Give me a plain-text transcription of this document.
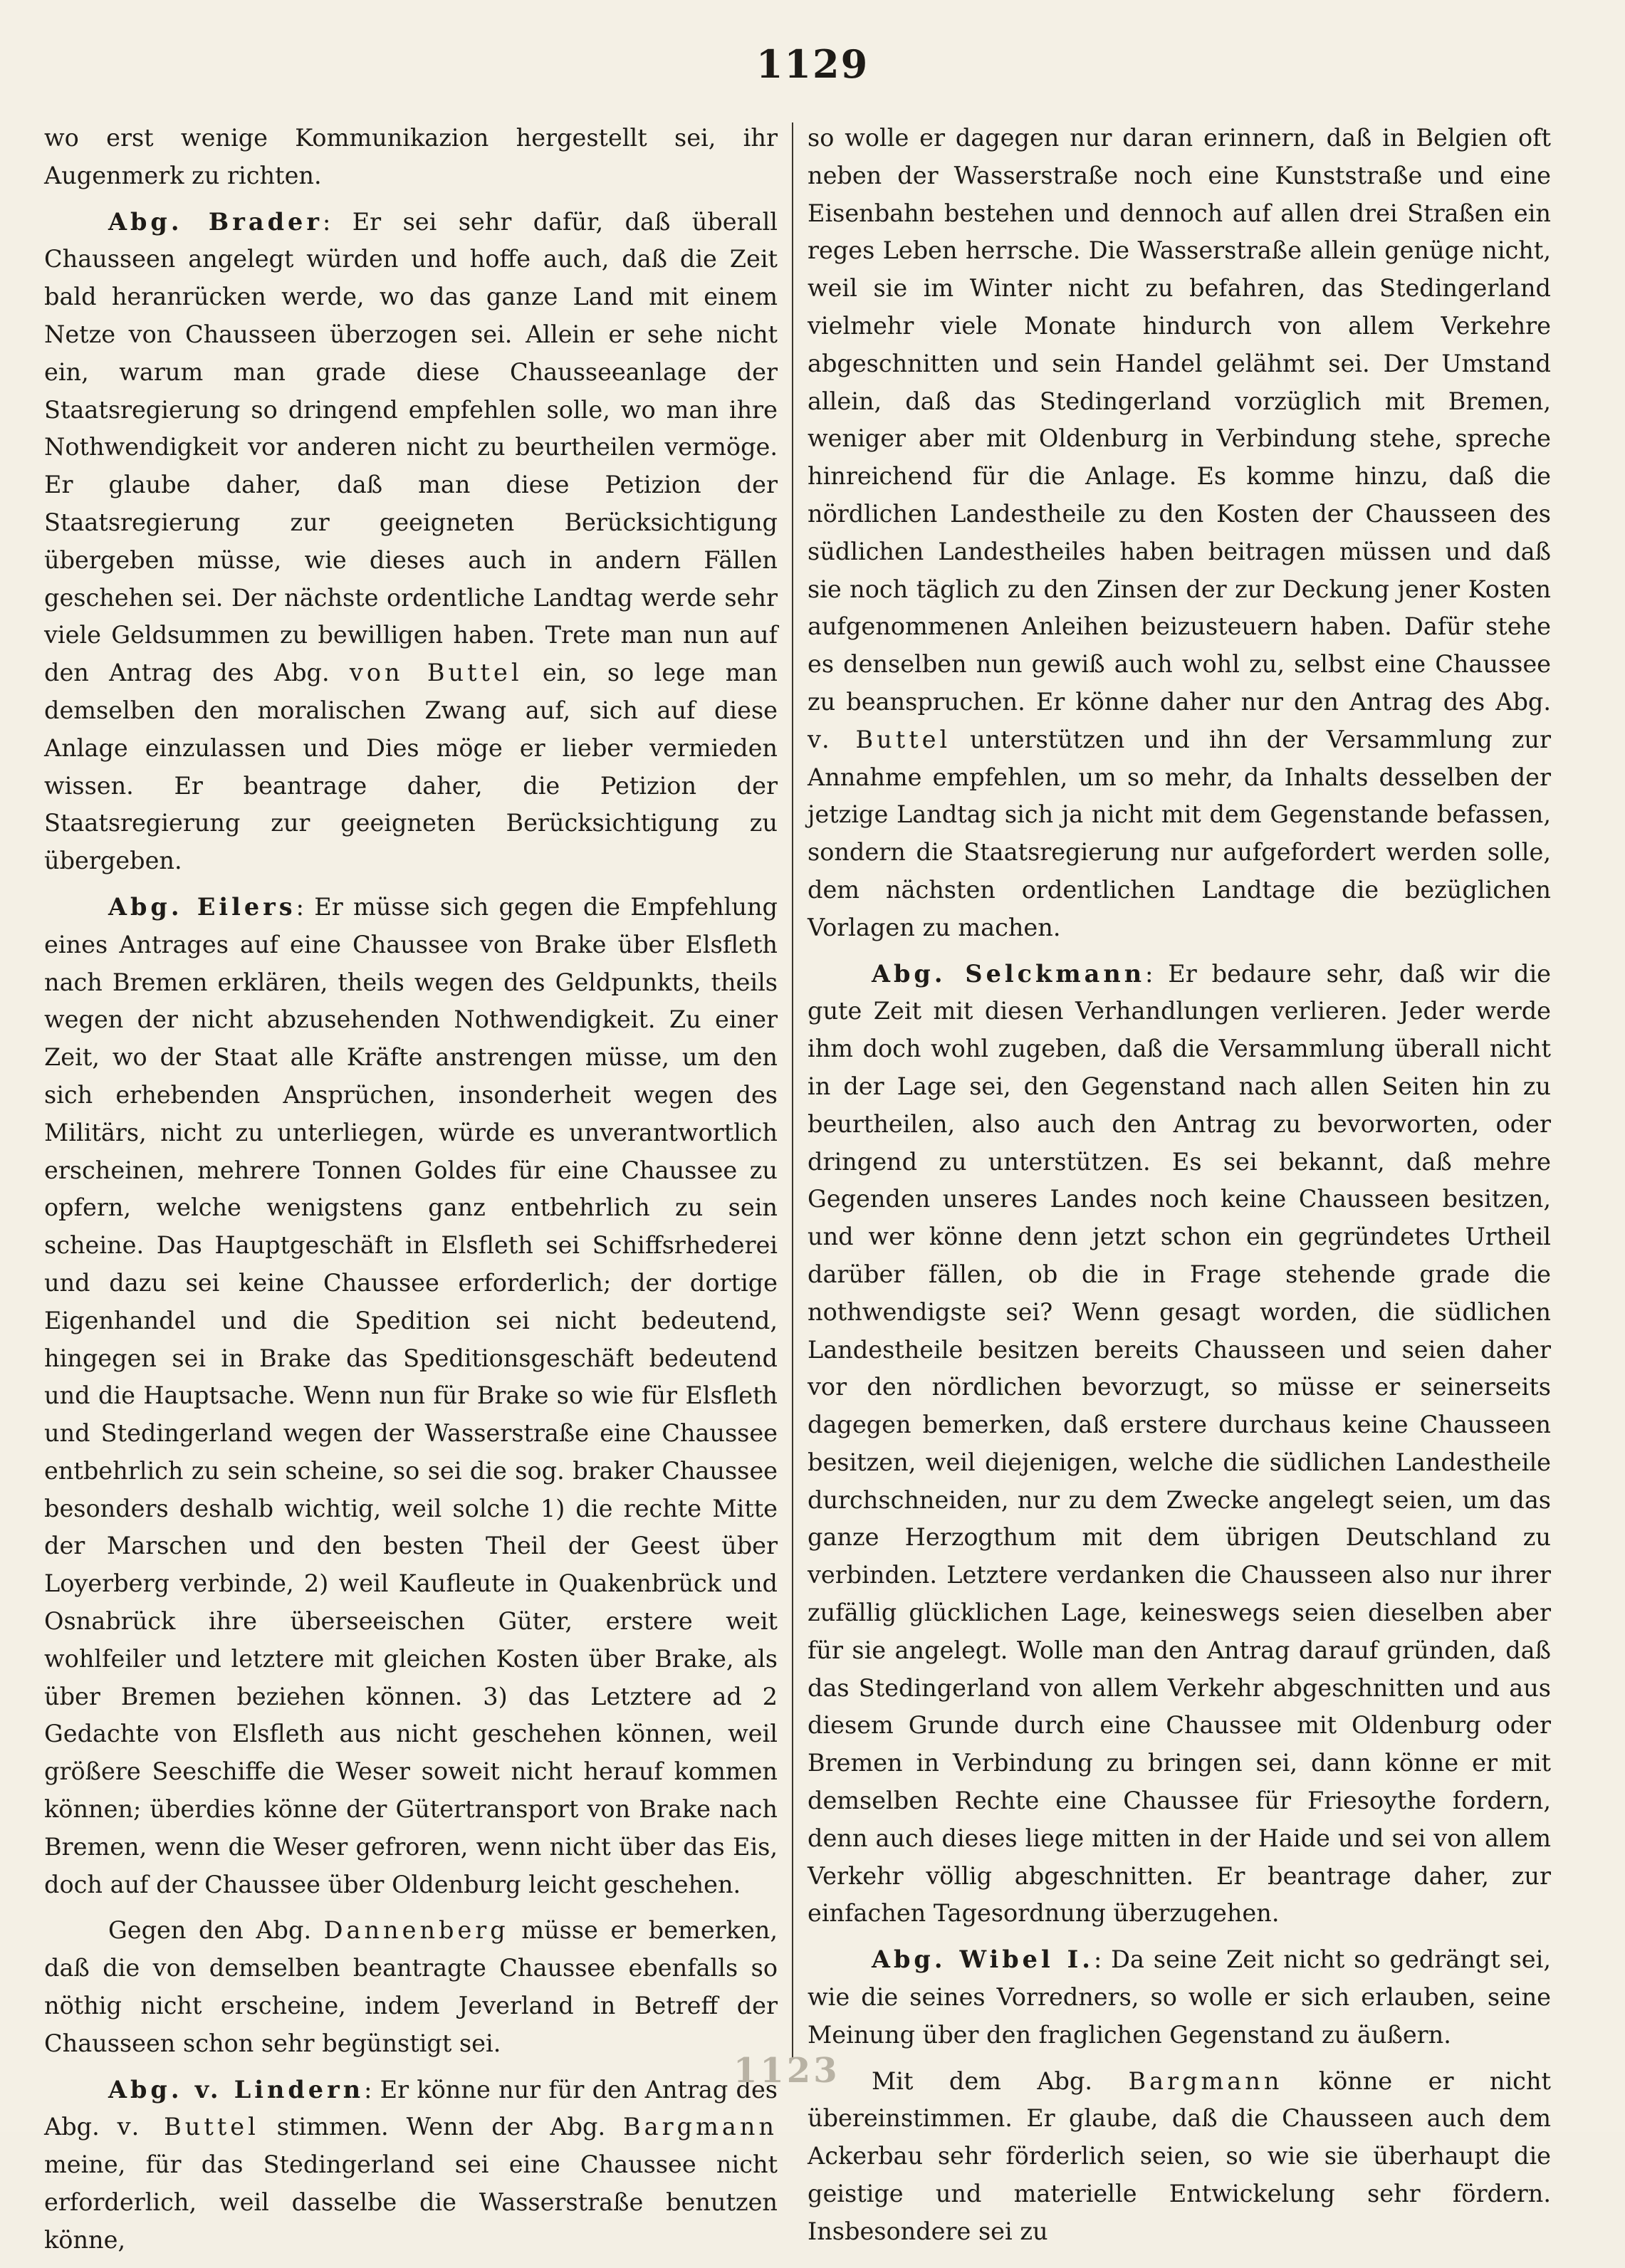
1129

wo erst wenige Kommunikazion hergestellt sei, ihr Augenmerk zu richten.

Abg. Brader: Er sei sehr dafür, daß überall Chausseen angelegt würden und hoffe auch, daß die Zeit bald heranrücken werde, wo das ganze Land mit einem Netze von Chausseen überzogen sei. Allein er sehe nicht ein, warum man grade diese Chausseeanlage der Staatsregierung so dringend empfehlen solle, wo man ihre Nothwendigkeit vor anderen nicht zu beurtheilen vermöge. Er glaube daher, daß man diese Petizion der Staatsregierung zur geeigneten Berücksichtigung übergeben müsse, wie dieses auch in andern Fällen geschehen sei. Der nächste ordentliche Landtag werde sehr viele Geldsummen zu bewilligen haben. Trete man nun auf den Antrag des Abg. von Buttel ein, so lege man demselben den moralischen Zwang auf, sich auf diese Anlage einzulassen und Dies möge er lieber vermieden wissen. Er beantrage daher, die Petizion der Staatsregierung zur geeigneten Berücksichtigung zu übergeben.

Abg. Eilers: Er müsse sich gegen die Empfehlung eines Antrages auf eine Chaussee von Brake über Elsfleth nach Bremen erklären, theils wegen des Geldpunkts, theils wegen der nicht abzusehenden Nothwendigkeit. Zu einer Zeit, wo der Staat alle Kräfte anstrengen müsse, um den sich erhebenden Ansprüchen, insonderheit wegen des Militärs, nicht zu unterliegen, würde es unverantwortlich erscheinen, mehrere Tonnen Goldes für eine Chaussee zu opfern, welche wenigstens ganz entbehrlich zu sein scheine. Das Hauptgeschäft in Elsfleth sei Schiffsrhederei und dazu sei keine Chaussee erforderlich; der dortige Eigenhandel und die Spedition sei nicht bedeutend, hingegen sei in Brake das Speditionsgeschäft bedeutend und die Hauptsache. Wenn nun für Brake so wie für Elsfleth und Stedingerland wegen der Wasserstraße eine Chaussee entbehrlich zu sein scheine, so sei die sog. braker Chaussee besonders deshalb wichtig, weil solche 1) die rechte Mitte der Marschen und den besten Theil der Geest über Loyerberg verbinde, 2) weil Kaufleute in Quakenbrück und Osnabrück ihre überseeischen Güter, erstere weit wohlfeiler und letztere mit gleichen Kosten über Brake, als über Bremen beziehen können. 3) das Letztere ad 2 Gedachte von Elsfleth aus nicht geschehen können, weil größere Seeschiffe die Weser soweit nicht herauf kommen können; überdies könne der Gütertransport von Brake nach Bremen, wenn die Weser gefroren, wenn nicht über das Eis, doch auf der Chaussee über Oldenburg leicht geschehen.

Gegen den Abg. Dannenberg müsse er bemerken, daß die von demselben beantragte Chaussee ebenfalls so nöthig nicht erscheine, indem Jeverland in Betreff der Chausseen schon sehr begünstigt sei.

Abg. v. Lindern: Er könne nur für den Antrag des Abg. v. Buttel stimmen. Wenn der Abg. Bargmann meine, für das Stedingerland sei eine Chaussee nicht erforderlich, weil dasselbe die Wasserstraße benutzen könne,

so wolle er dagegen nur daran erinnern, daß in Belgien oft neben der Wasserstraße noch eine Kunststraße und eine Eisenbahn bestehen und dennoch auf allen drei Straßen ein reges Leben herrsche. Die Wasserstraße allein genüge nicht, weil sie im Winter nicht zu befahren, das Stedingerland vielmehr viele Monate hindurch von allem Verkehre abgeschnitten und sein Handel gelähmt sei. Der Umstand allein, daß das Stedingerland vorzüglich mit Bremen, weniger aber mit Oldenburg in Verbindung stehe, spreche hinreichend für die Anlage. Es komme hinzu, daß die nördlichen Landestheile zu den Kosten der Chausseen des südlichen Landestheiles haben beitragen müssen und daß sie noch täglich zu den Zinsen der zur Deckung jener Kosten aufgenommenen Anleihen beizusteuern haben. Dafür stehe es denselben nun gewiß auch wohl zu, selbst eine Chaussee zu beanspruchen. Er könne daher nur den Antrag des Abg. v. Buttel unterstützen und ihn der Versammlung zur Annahme empfehlen, um so mehr, da Inhalts desselben der jetzige Landtag sich ja nicht mit dem Gegenstande befassen, sondern die Staatsregierung nur aufgefordert werden solle, dem nächsten ordentlichen Landtage die bezüglichen Vorlagen zu machen.

Abg. Selckmann: Er bedaure sehr, daß wir die gute Zeit mit diesen Verhandlungen verlieren. Jeder werde ihm doch wohl zugeben, daß die Versammlung überall nicht in der Lage sei, den Gegenstand nach allen Seiten hin zu beurtheilen, also auch den Antrag zu bevorworten, oder dringend zu unterstützen. Es sei bekannt, daß mehre Gegenden unseres Landes noch keine Chausseen besitzen, und wer könne denn jetzt schon ein gegründetes Urtheil darüber fällen, ob die in Frage stehende grade die nothwendigste sei? Wenn gesagt worden, die südlichen Landestheile besitzen bereits Chausseen und seien daher vor den nördlichen bevorzugt, so müsse er seinerseits dagegen bemerken, daß erstere durchaus keine Chausseen besitzen, weil diejenigen, welche die südlichen Landestheile durchschneiden, nur zu dem Zwecke angelegt seien, um das ganze Herzogthum mit dem übrigen Deutschland zu verbinden. Letztere verdanken die Chausseen also nur ihrer zufällig glücklichen Lage, keineswegs seien dieselben aber für sie angelegt. Wolle man den Antrag darauf gründen, daß das Stedingerland von allem Verkehr abgeschnitten und aus diesem Grunde durch eine Chaussee mit Oldenburg oder Bremen in Verbindung zu bringen sei, dann könne er mit demselben Rechte eine Chaussee für Friesoythe fordern, denn auch dieses liege mitten in der Haide und sei von allem Verkehr völlig abgeschnitten. Er beantrage daher, zur einfachen Tagesordnung überzugehen.

Abg. Wibel I.: Da seine Zeit nicht so gedrängt sei, wie die seines Vorredners, so wolle er sich erlauben, seine Meinung über den fraglichen Gegenstand zu äußern.

Mit dem Abg. Bargmann könne er nicht übereinstimmen. Er glaube, daß die Chausseen auch dem Ackerbau sehr förderlich seien, so wie sie überhaupt die geistige und materielle Entwickelung sehr fördern. Insbesondere sei zu

1123
